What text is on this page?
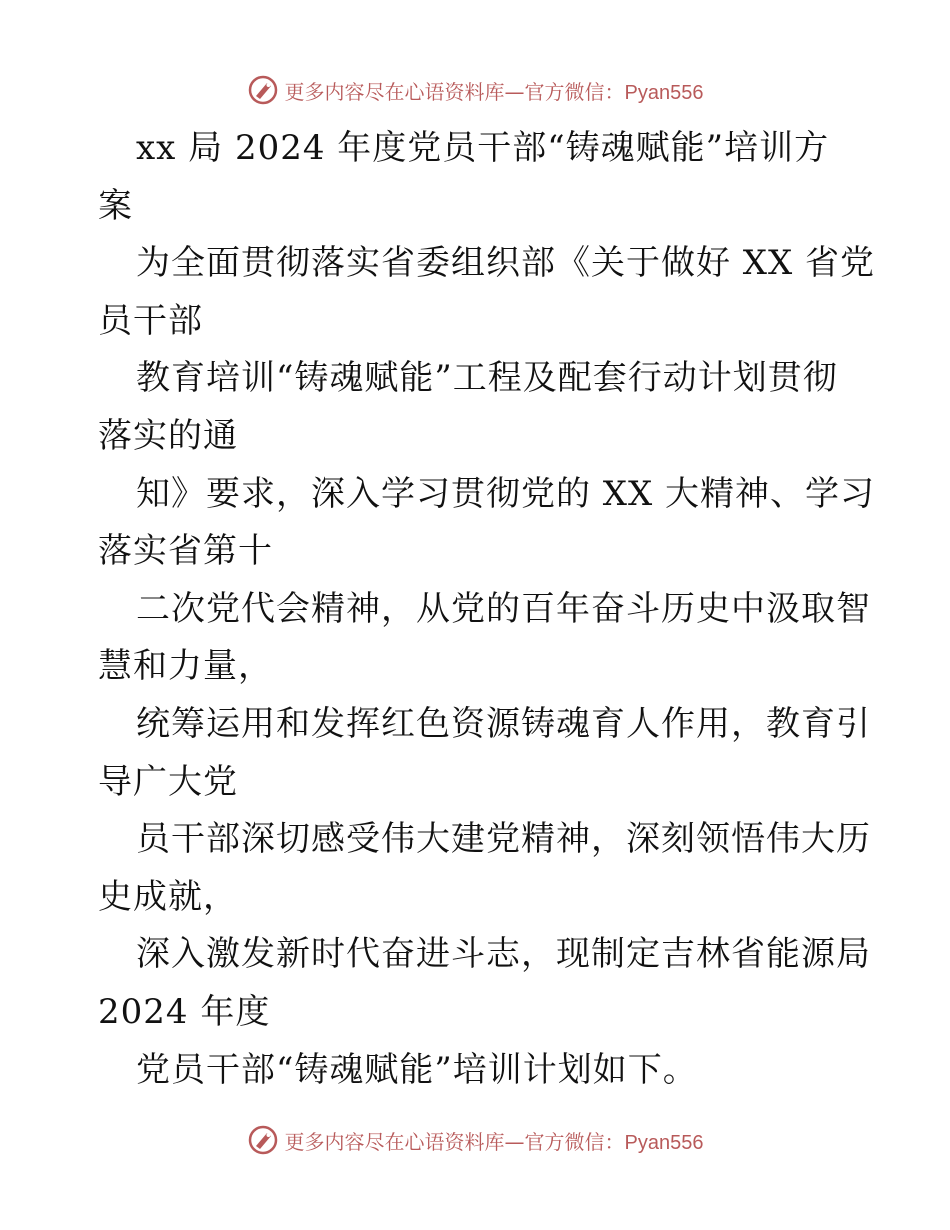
更多内容尽在心语资料库— 官方微信：Pyan556
xx 局 2024 年度党员干部“铸魂赋能”培训方
案
为全面贯彻落实省委组织部《关于做好 XX 省党
员干部
教育培训“铸魂赋能”工程及配套行动计划贯彻
落实的通
知》要求，深入学习贯彻党的 XX 大精神、学习
落实省第十
二次党代会精神，从党的百年奋斗历史中汲取智
慧和力量，
统筹运用和发挥红色资源铸魂育人作用，教育引
导广大党
员干部深切感受伟大建党精神，深刻领悟伟大历
史成就，
深入激发新时代奋进斗志，现制定吉林省能源局
2024 年度
党员干部“铸魂赋能”培训计划如下。
更多内容尽在心语资料库— 官方微信：Pyan556
